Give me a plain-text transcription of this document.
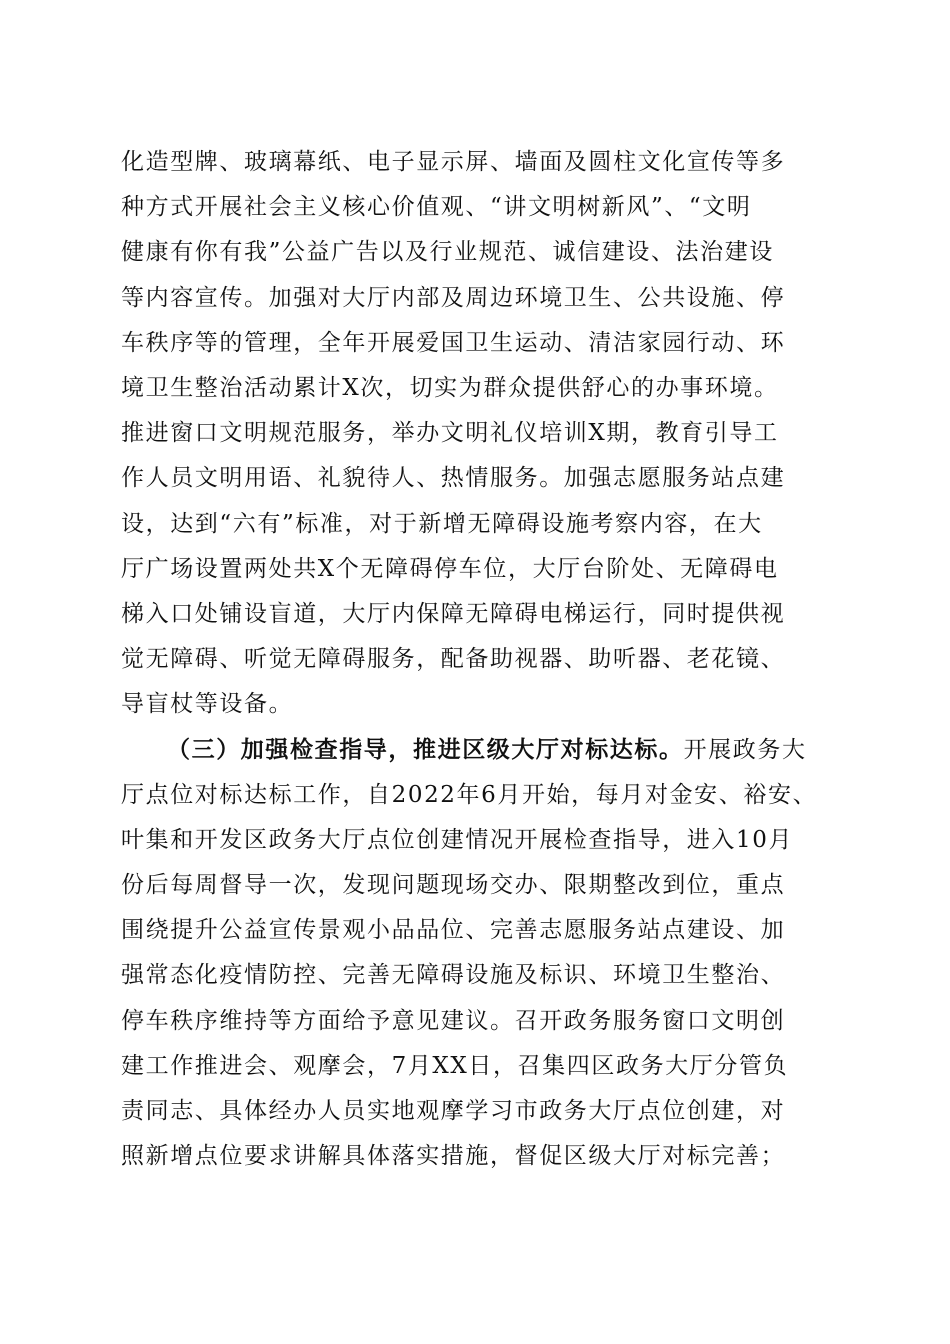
化造型牌、玻璃幕纸、电子显示屏、墙面及圆柱文化宣传等多
种方式开展社会主义核心价值观、“讲文明树新风”、“文明
健康有你有我”公益广告以及行业规范、诚信建设、法治建设
等内容宣传。加强对大厅内部及周边环境卫生、公共设施、停
车秩序等的管理，全年开展爱国卫生运动、清洁家园行动、环
境卫生整治活动累计X次，切实为群众提供舒心的办事环境。
推进窗口文明规范服务，举办文明礼仪培训X期，教育引导工
作人员文明用语、礼貌待人、热情服务。加强志愿服务站点建
设，达到“六有”标准，对于新增无障碍设施考察内容，在大
厅广场设置两处共X个无障碍停车位，大厅台阶处、无障碍电
梯入口处铺设盲道，大厅内保障无障碍电梯运行，同时提供视
觉无障碍、听觉无障碍服务，配备助视器、助听器、老花镜、
导盲杖等设备。
（三）加强检查指导，推进区级大厅对标达标。开展政务大
厅点位对标达标工作，自2022年6月开始，每月对金安、裕安、
叶集和开发区政务大厅点位创建情况开展检查指导，进入10月
份后每周督导一次，发现问题现场交办、限期整改到位，重点
围绕提升公益宣传景观小品品位、完善志愿服务站点建设、加
强常态化疫情防控、完善无障碍设施及标识、环境卫生整治、
停车秩序维持等方面给予意见建议。召开政务服务窗口文明创
建工作推进会、观摩会，7月XX日，召集四区政务大厅分管负
责同志、具体经办人员实地观摩学习市政务大厅点位创建，对
照新增点位要求讲解具体落实措施，督促区级大厅对标完善；
